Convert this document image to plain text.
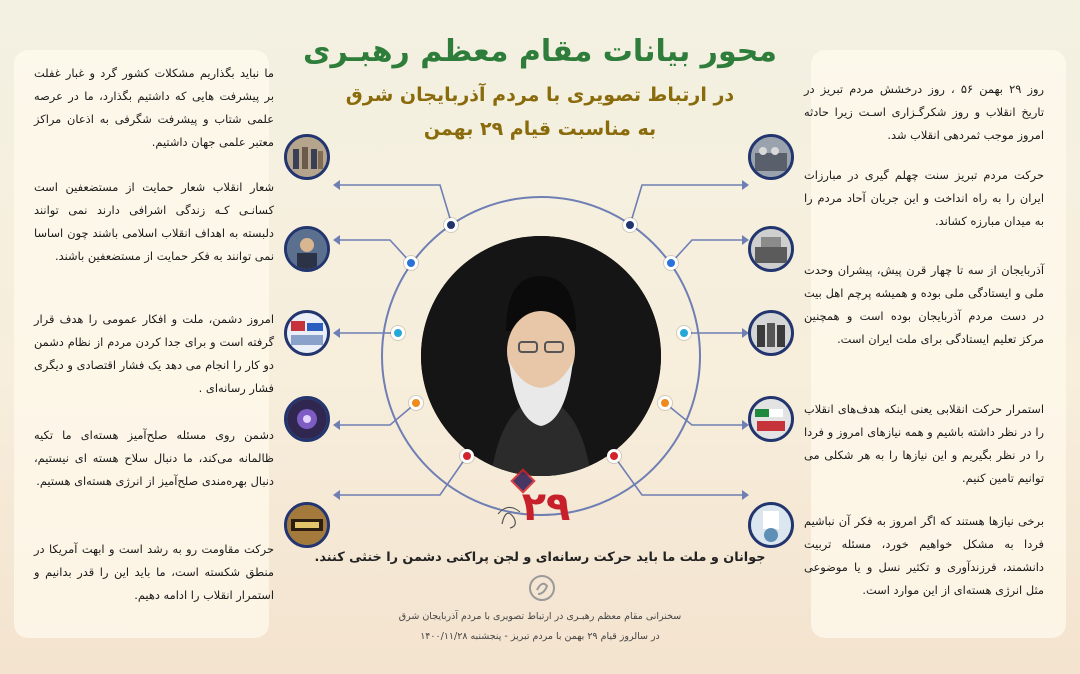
روز ۲۹ بهمن ۵۶ ، روز درخشش مردم تبریز در تاریخ انقلاب و روز شکرگـزاری اسـت زیرا حادثه امروز موجب ثمردهی انقلاب شد.

حرکت مردم تبریز سنت چهلم گیری در مبارزات ایران را به راه انداخت و این جریان آحاد مردم را به میدان مبارزه کشاند.

آذربایجان از سه تا چهار قرن پیش، پیشران وحدت ملی و ایستادگی ملی بوده و همیشه پرچم اهل بیت در دست مردم آذربایجان بوده است و همچنین مرکز تعلیم ایستادگی برای ملت ایران است.

استمرار حرکت انقلابی یعنی اینکه هدف‌های انقلاب را در نظر داشته باشیم و همه نیازهای امروز و فردا را در نظر بگیریم و این نیازها را به هر شکلی می توانیم تامین کنیم.

برخی نیازها هستند که اگر امروز به فکر آن نباشیم فردا به مشکل خواهیم خورد، مسئله تربیت دانشمند، فرزندآوری و تکثیر نسل و یا موضوعی مثل انرژی هسته‌ای از این موارد است.

ما نباید بگذاریم مشکلات کشور گرد و غبار غفلت بر پیشرفت هایی که داشتیم بگذارد، ما در عرصه علمی شتاب و پیشرفت شگرفی به اذعان مراکز معتبر علمی جهان داشتیم.

شعار انقلاب شعار حمایت از مستضعفین است کسانـی کـه زندگی اشرافی دارند نمی توانند دلبسته به اهداف انقلاب اسلامی باشند چون اساسا نمی توانند به فکر حمایت از مستضعفین باشند.

امروز دشمن، ملت و افکار عمومی را هدف قرار گرفته است و برای جدا کردن مردم از نظام دشمن دو کار را انجام می دهد یک فشار اقتصادی و دیگری فشار رسانه‌ای .

دشمن روی مسئله صلح‌آمیز هسته‌ای ما تکیه ظالمانه می‌کند، ما دنبال سلاح هسته ای نیستیم، دنبال بهره‌مندی صلح‌آمیز از انرژی هسته‌ای هستیم.

حرکت مقاومت رو به رشد است و ابهت آمریکا در منطق شکسته است، ما باید این را قدر بدانیم و استمرار انقلاب را ادامه دهیم.

محور بیانات مقام معظم رهبـری
در ارتباط تصویری با مردم آذربایجان شرق
به مناسبت قیام ۲۹ بهمن
۲۹

جوانان و ملت ما باید حرکت رسانه‌ای و لجن پراکنی دشمن را خنثی کنند.

سخنرانی مقام معظم رهبـری در ارتباط تصویری با مردم آذربایجان شرق

در سالروز قیام ۲۹ بهمن با مردم تبریز - پنجشنبه ۱۴۰۰/۱۱/۲۸
